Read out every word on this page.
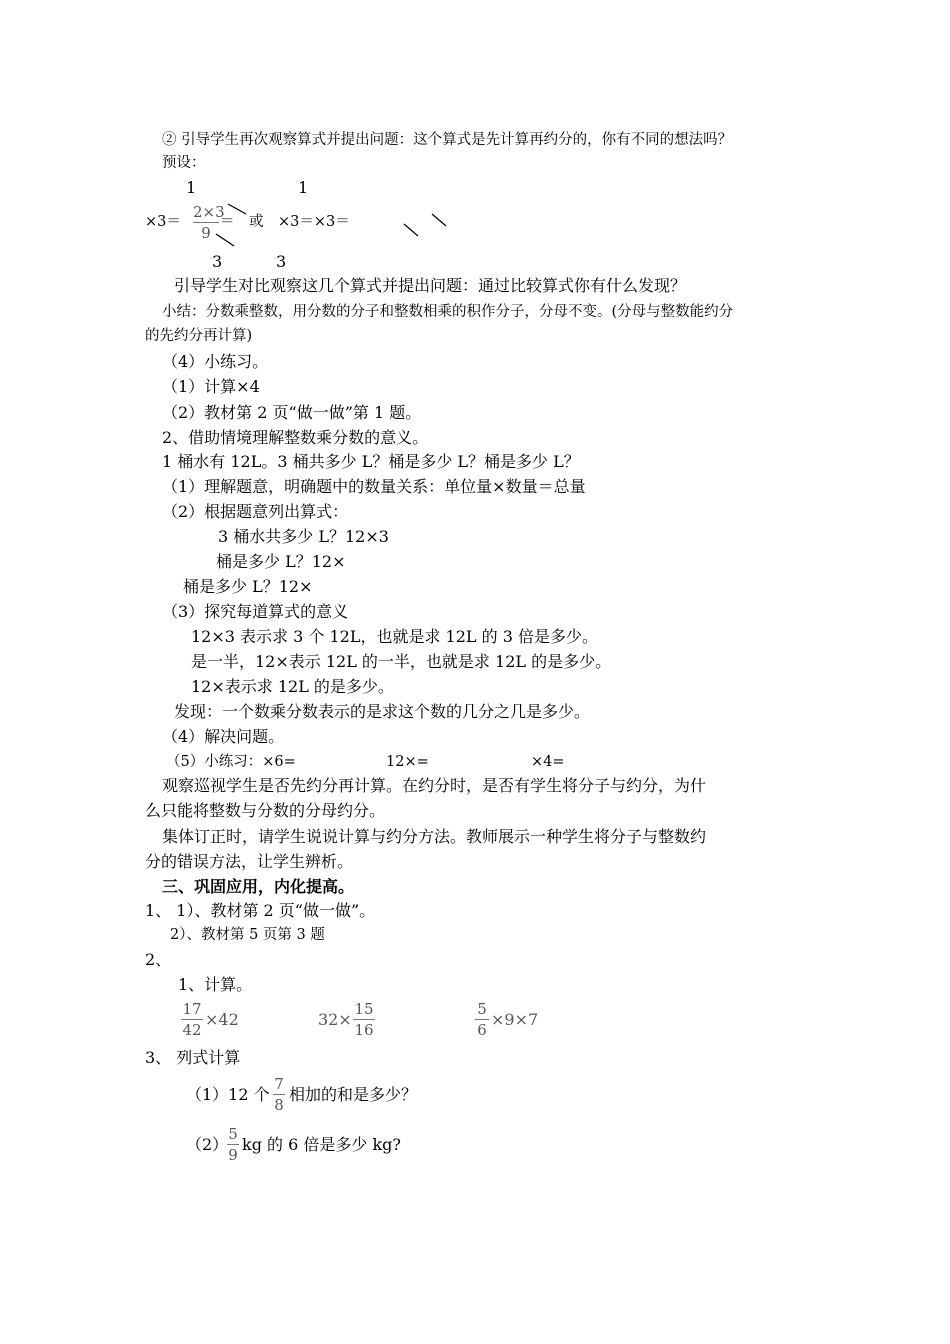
② 引导学生再次观察算式并提出问题：这个算式是先计算再约分的，你有不同的想法吗？
预设：
1	1
×3＝
2×3
9
＝ 或 ×3＝×3＝
3	3
引导学生对比观察这几个算式并提出问题：通过比较算式你有什么发现？
小结：分数乘整数，用分数的分子和整数相乘的积作分子，分母不变。(分母与整数能约分
的先约分再计算)
（4）小练习。
（1）计算×4
（2）教材第 2 页“做一做”第 1 题。
2、借助情境理解整数乘分数的意义。
1 桶水有 12L。3 桶共多少 L？桶是多少 L？桶是多少 L？
（1）理解题意，明确题中的数量关系：单位量×数量＝总量
（2）根据题意列出算式：
3 桶水共多少 L？12×3
桶是多少 L？12×
桶是多少 L？12×
（3）探究每道算式的意义
12×3 表示求 3 个 12L，也就是求 12L 的 3 倍是多少。
是一半，12×表示 12L 的一半，也就是求 12L 的是多少。
12×表示求 12L 的是多少。
发现：一个数乘分数表示的是求这个数的几分之几是多少。
（4）解决问题。
（5）小练习：×6=	12×=	×4=
观察巡视学生是否先约分再计算。在约分时，是否有学生将分子与约分，为什
么只能将整数与分数的分母约分。
集体订正时，请学生说说计算与约分方法。教师展示一种学生将分子与整数约
分的错误方法，让学生辨析。
三、巩固应用，内化提高。
1、 1）、教材第 2 页“做一做”。
2）、教材第 5 页第 3 题
2、
1、计算。
17
42
×42	32×
15
16
5
6
×9×7
3、 列式计算
（1）12 个
7
8
相加的和是多少？
（2）
5
9
kg 的 6 倍是多少 kg?
